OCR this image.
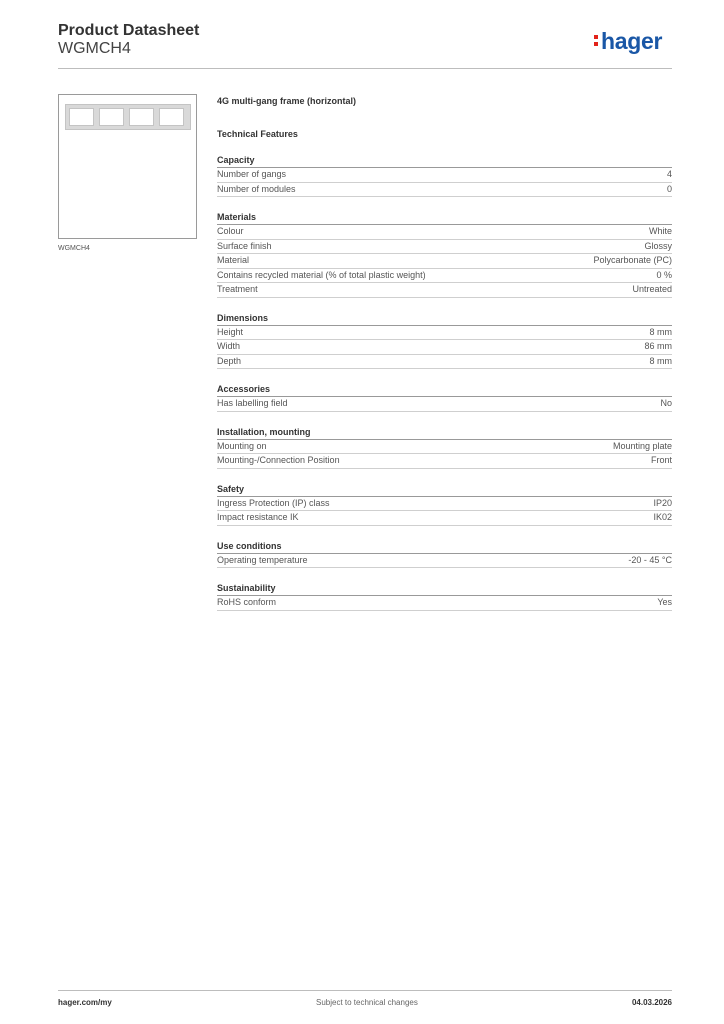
Product Datasheet
WGMCH4	hager
WGMCH4
4G multi-gang frame (horizontal)
Technical Features
Capacity
Number of gangs	4
Number of modules	0
Materials
Colour	White
Surface finish	Glossy
Material	Polycarbonate (PC)
Contains recycled material (% of total plastic weight)	0 %
Treatment	Untreated
Dimensions
Height	8 mm
Width	86 mm
Depth	8 mm
Accessories
Has labelling field	No
Installation, mounting
Mounting on	Mounting plate
Mounting-/Connection Position	Front
Safety
Ingress Protection (IP) class	IP20
Impact resistance IK	IK02
Use conditions
Operating temperature	-20 - 45 °C
Sustainability
RoHS conform	Yes
hager.com/my	Subject to technical changes	04.03.2026
